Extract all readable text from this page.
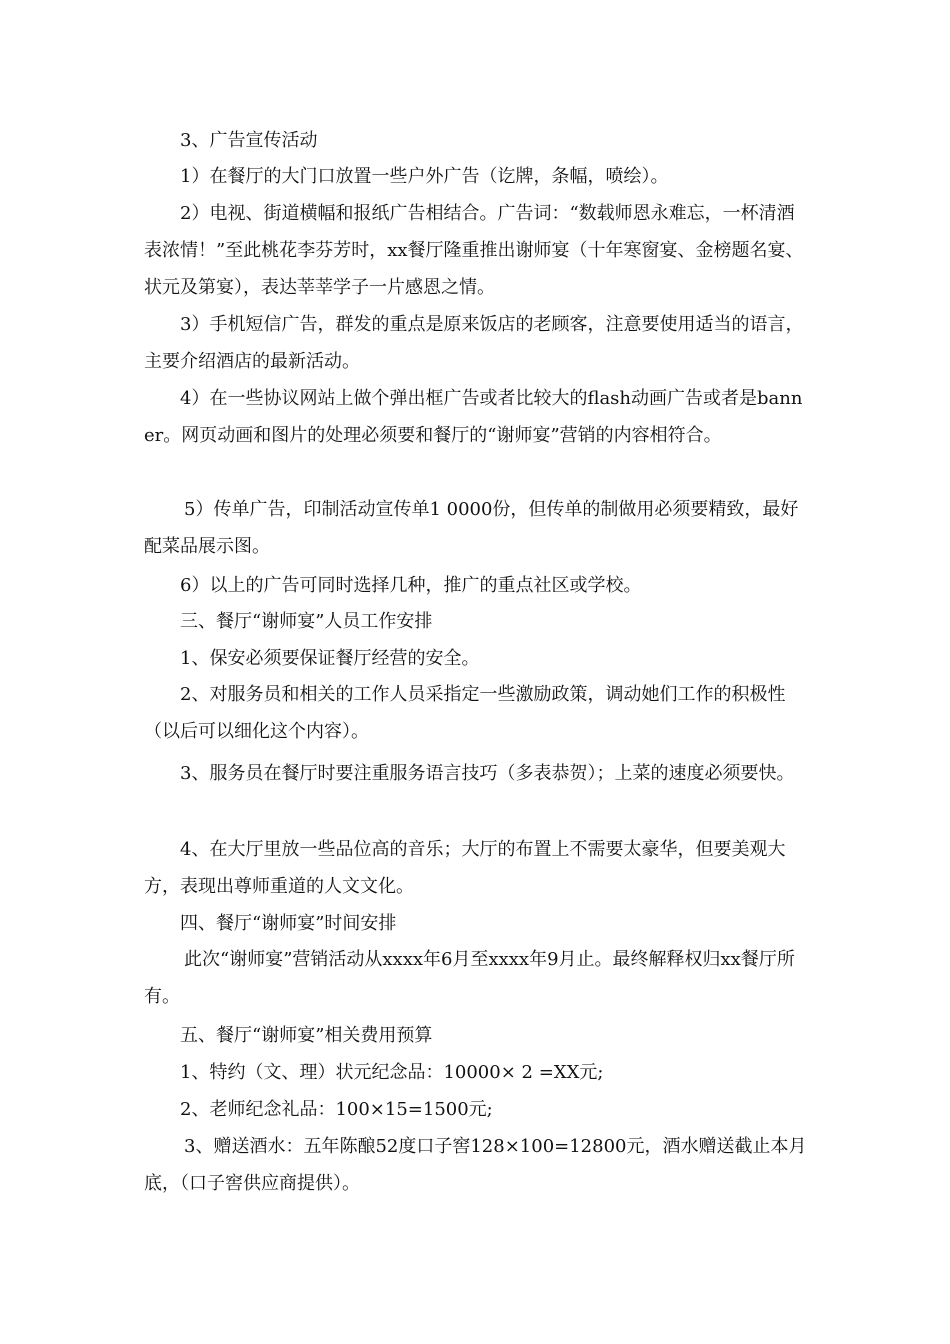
3、广告宣传活动

1）在餐厅的大门口放置一些户外广告（讫牌，条幅，喷绘）。

2）电视、街道横幅和报纸广告相结合。广告词：“数载师恩永难忘，一杯清酒表浓情！”至此桃花李芬芳时，xx餐厅隆重推出谢师宴（十年寒窗宴、金榜题名宴、状元及第宴），表达莘莘学子一片感恩之情。

3）手机短信广告，群发的重点是原来饭店的老顾客，注意要使用适当的语言，主要介绍酒店的最新活动。

4）在一些协议网站上做个弹出框广告或者比较大的flash动画广告或者是banner。网页动画和图片的处理必须要和餐厅的“谢师宴”营销的内容相符合。

5）传单广告，印制活动宣传单1 0000份，但传单的制做用必须要精致，最好配菜品展示图。

6）以上的广告可同时选择几种，推广的重点社区或学校。

三、餐厅“谢师宴”人员工作安排

1、保安必须要保证餐厅经营的安全。

2、对服务员和相关的工作人员采指定一些激励政策，调动她们工作的积极性（以后可以细化这个内容）。

3、服务员在餐厅时要注重服务语言技巧（多表恭贺）；上菜的速度必须要快。

4、在大厅里放一些品位高的音乐；大厅的布置上不需要太豪华，但要美观大方，表现出尊师重道的人文文化。

四、餐厅“谢师宴”时间安排

此次“谢师宴”营销活动从xxxx年6月至xxxx年9月止。最终解释权归xx餐厅所有。

五、餐厅“谢师宴”相关费用预算

1、特约（文、理）状元纪念品：10000× 2 =XX元;

2、老师纪念礼品：100×15=1500元;

3、赠送酒水：五年陈酿52度口子窖128×100=12800元，酒水赠送截止本月底，（口子窖供应商提供）。
